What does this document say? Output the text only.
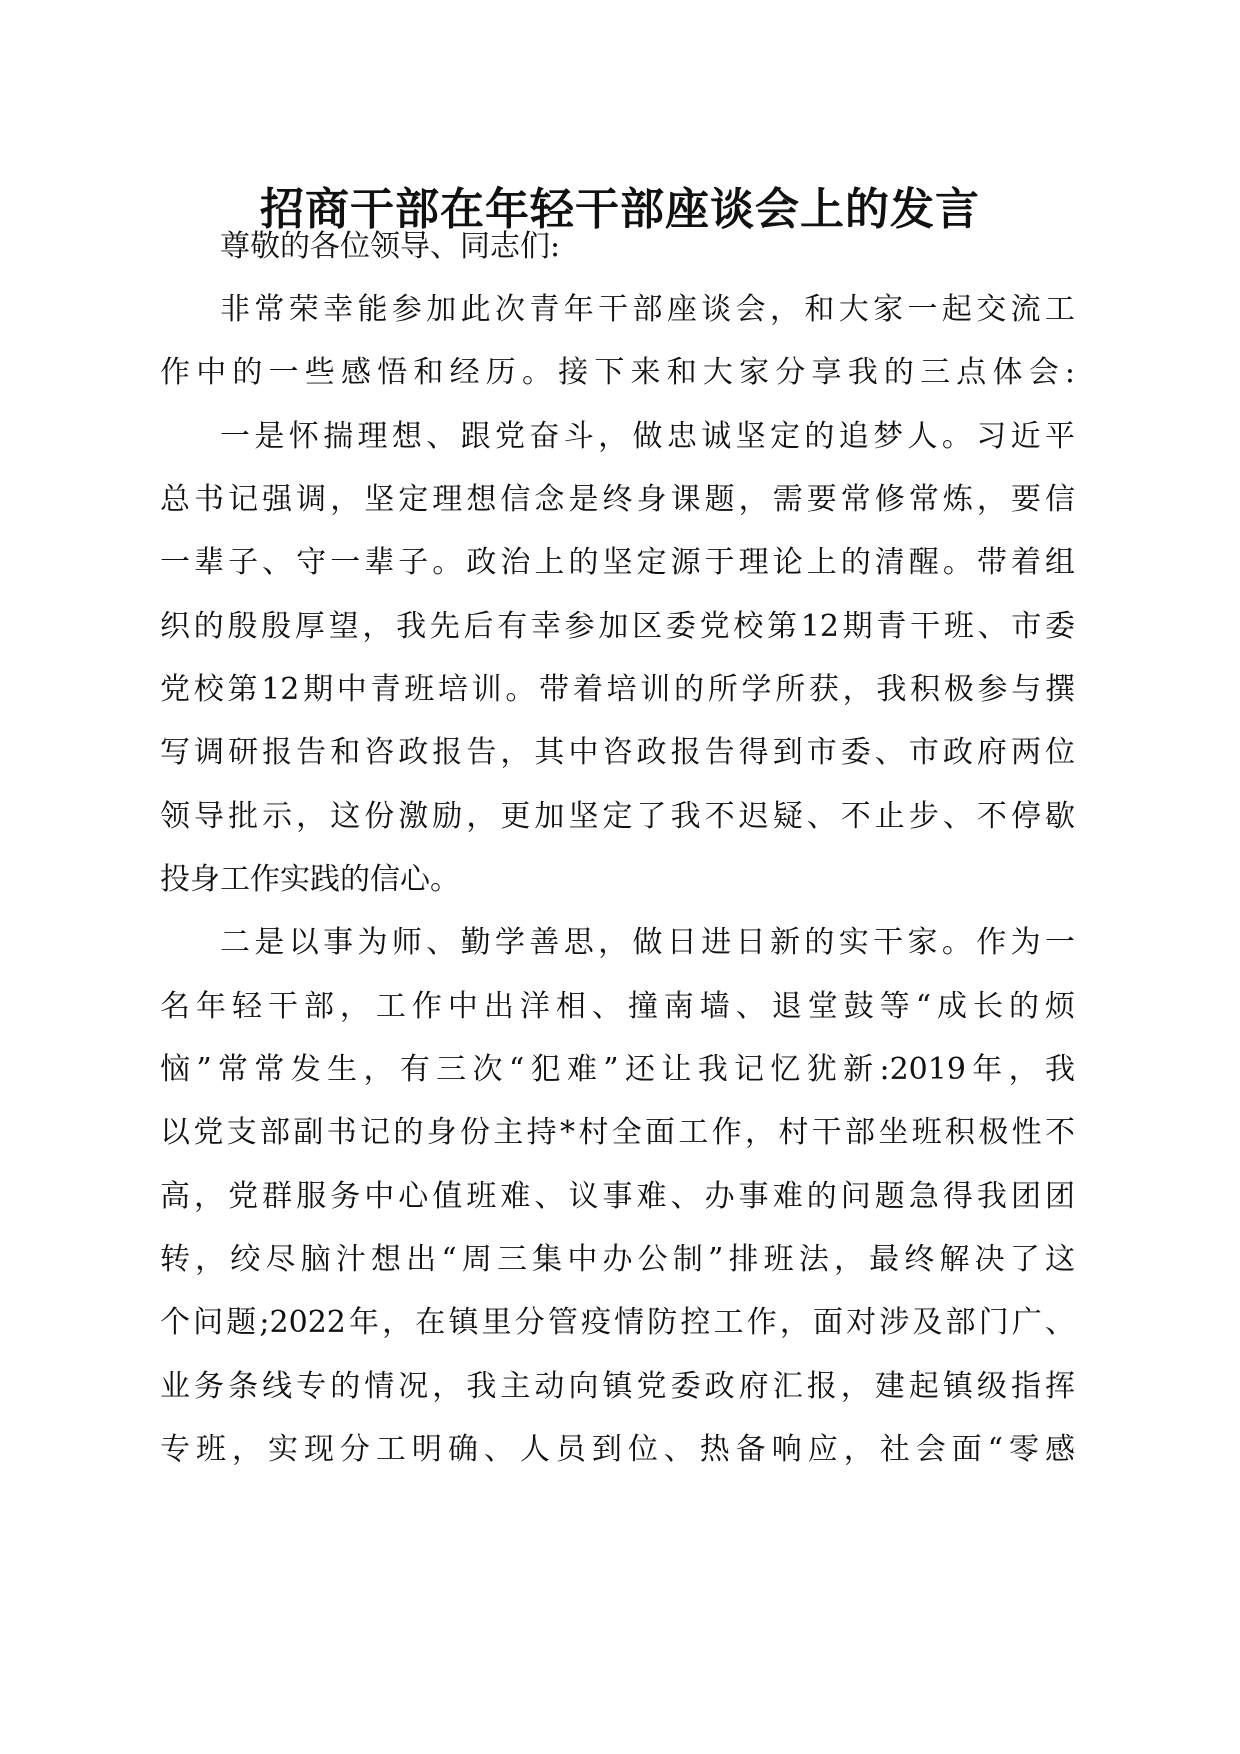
招商干部在年轻干部座谈会上的发言
尊敬的各位领导、同志们:
非常荣幸能参加此次青年干部座谈会，和大家一起交流工
作中的一些感悟和经历。接下来和大家分享我的三点体会:
一是怀揣理想、跟党奋斗，做忠诚坚定的追梦人。习近平
总书记强调，坚定理想信念是终身课题，需要常修常炼，要信
一辈子、守一辈子。政治上的坚定源于理论上的清醒。带着组
织的殷殷厚望，我先后有幸参加区委党校第12期青干班、市委
党校第12期中青班培训。带着培训的所学所获，我积极参与撰
写调研报告和咨政报告，其中咨政报告得到市委、市政府两位
领导批示，这份激励，更加坚定了我不迟疑、不止步、不停歇
投身工作实践的信心。
二是以事为师、勤学善思，做日进日新的实干家。作为一
名年轻干部，工作中出洋相、撞南墙、退堂鼓等“成长的烦
恼”常常发生，有三次“犯难”还让我记忆犹新:2019年，我
以党支部副书记的身份主持*村全面工作，村干部坐班积极性不
高，党群服务中心值班难、议事难、办事难的问题急得我团团
转，绞尽脑汁想出“周三集中办公制”排班法，最终解决了这
个问题;2022年，在镇里分管疫情防控工作，面对涉及部门广、
业务条线专的情况，我主动向镇党委政府汇报，建起镇级指挥
专班，实现分工明确、人员到位、热备响应，社会面“零感
